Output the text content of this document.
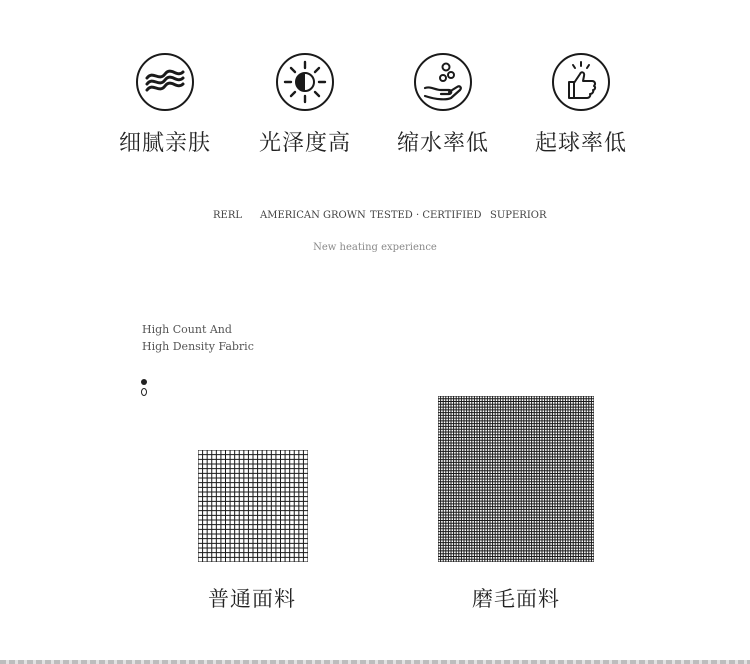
细腻亲肤	光泽度高	缩水率低	起球率低
RERL AMERICAN GROWN TESTED · CERTIFIED SUPERIOR
New heating experience
High Count And
High Density Fabric
普通面料	磨毛面料
